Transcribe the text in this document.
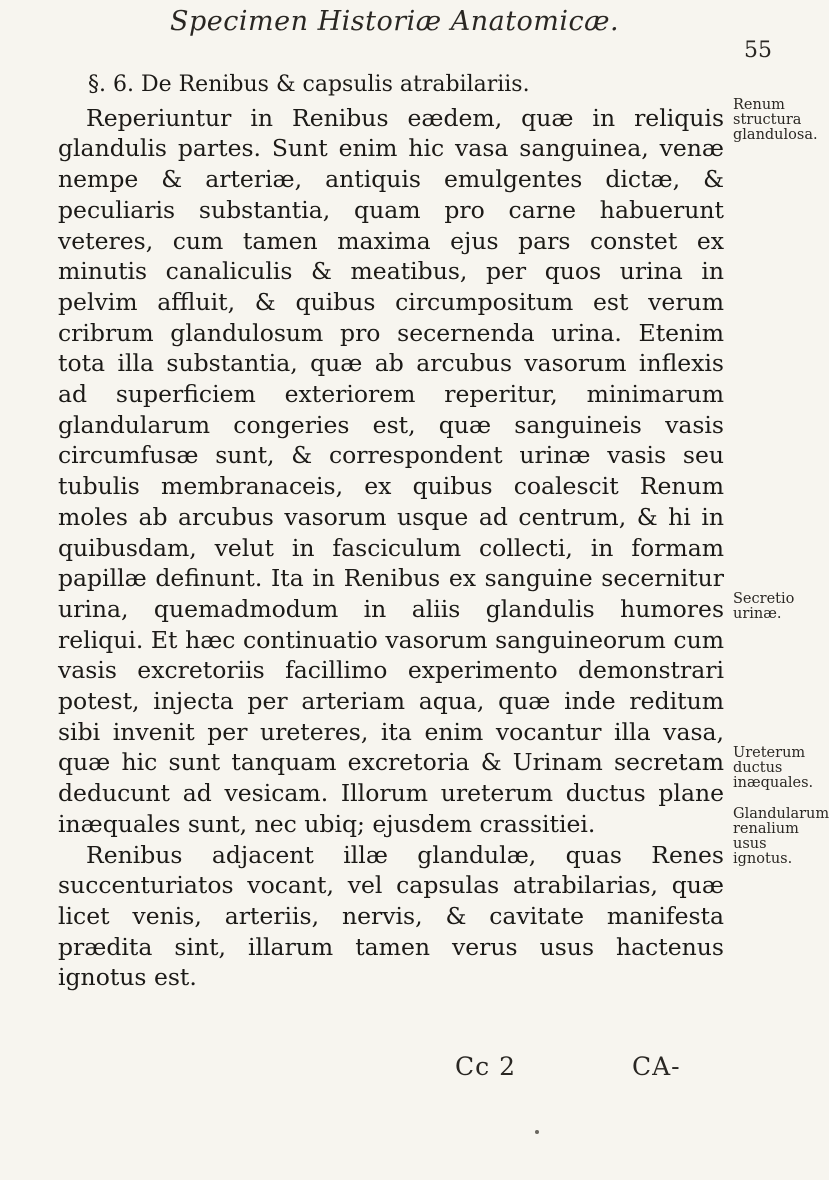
Specimen Historiæ Anatomicæ.
55

§. 6. De Renibus & capsulis atrabilariis.

Reperiuntur in Renibus eædem, quæ in reliquis glandulis partes. Sunt enim hic vasa sanguinea, venæ nempe & arteriæ, antiquis emulgentes dictæ, & peculiaris substantia, quam pro carne habuerunt veteres, cum tamen maxima ejus pars constet ex minutis canaliculis & meatibus, per quos urina in pelvim affluit, & quibus circumpositum est verum cribrum glandulosum pro secernenda urina. Etenim tota illa substantia, quæ ab arcubus vasorum inflexis ad superficiem exteriorem reperitur, minimarum glandularum congeries est, quæ sanguineis vasis circumfusæ sunt, & correspondent urinæ vasis seu tubulis membranaceis, ex quibus coalescit Renum moles ab arcubus vasorum usque ad centrum, & hi in quibusdam, velut in fasciculum collecti, in formam papillæ definunt. Ita in Renibus ex sanguine secernitur urina, quemadmodum in aliis glandulis humores reliqui. Et hæc continuatio vasorum sanguineorum cum vasis excretoriis facillimo experimento demonstrari potest, injecta per arteriam aqua, quæ inde reditum sibi invenit per ureteres, ita enim vocantur illa vasa, quæ hic sunt tanquam excretoria & Urinam secretam deducunt ad vesicam. Illorum ureterum ductus plane inæquales sunt, nec ubiq; ejusdem crassitiei.

Renibus adjacent illæ glandulæ, quas Renes succenturiatos vocant, vel capsulas atrabilarias, quæ licet venis, arteriis, nervis, & cavitate manifesta prædita sint, illarum tamen verus usus hactenus ignotus est.

Renum structura glandulosa.
Secretio urinæ.
Ureterum ductus inæquales.
Glandularum renalium usus ignotus.
Cc 2	CA-
